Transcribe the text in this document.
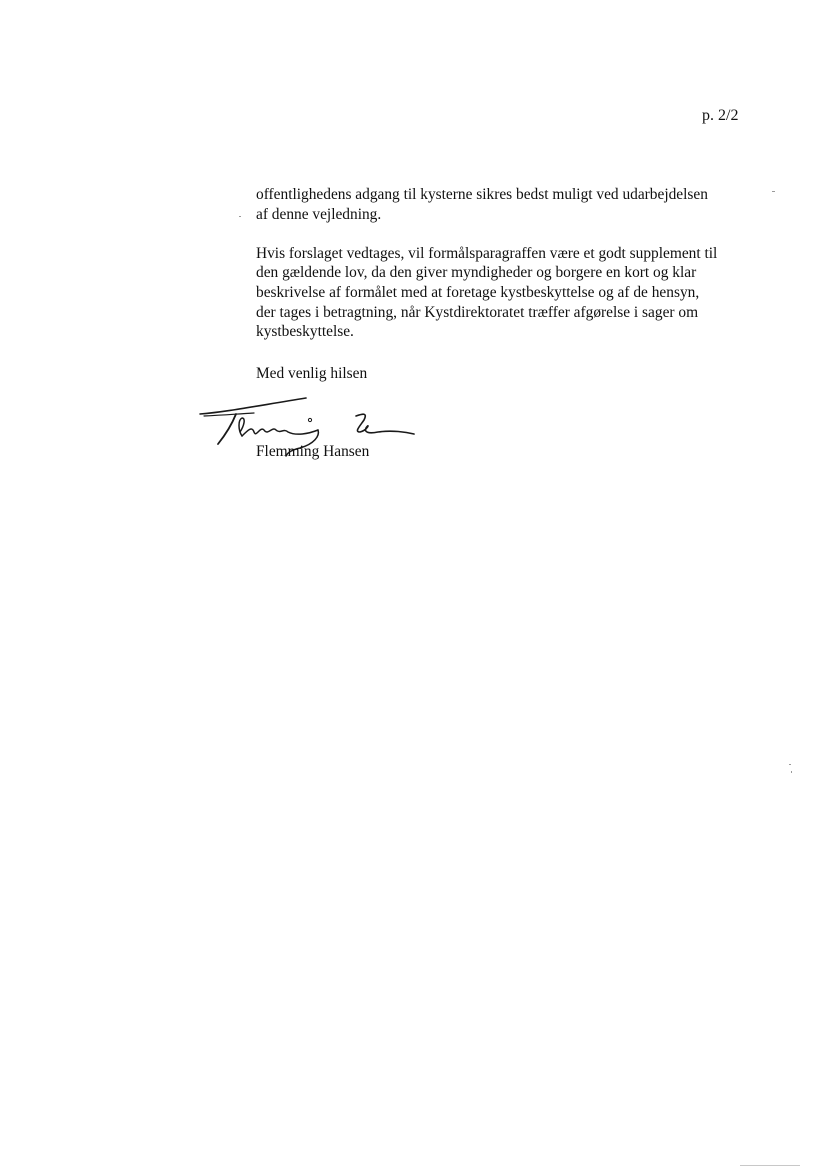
p. 2/2

offentlighedens adgang til kysterne sikres bedst muligt ved udarbejdelsen
af denne vejledning.

Hvis forslaget vedtages, vil formålsparagraffen være et godt supplement til
den gældende lov, da den giver myndigheder og borgere en kort og klar
beskrivelse af formålet med at foretage kystbeskyttelse og af de hensyn,
der tages i betragtning, når Kystdirektoratet træffer afgørelse i sager om
kystbeskyttelse.

Med venlig hilsen
Flemming Hansen
